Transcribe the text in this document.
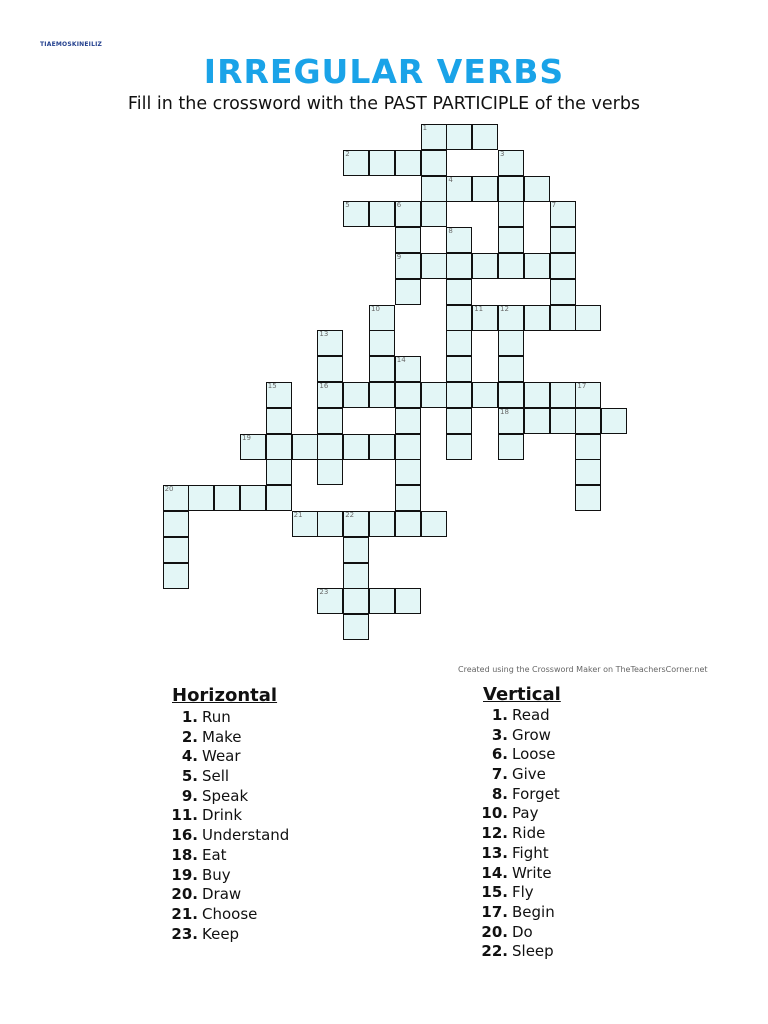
TIAEMOSKINEILIZ
IRREGULAR VERBS
Fill in the crossword with the PAST PARTICIPLE of the verbs
1
2
4
5	6
9
11 12
16
18
19
20
21	22
23
3
7
8
10
13
14
15	17
Created using the Crossword Maker on TheTeachersCorner.net
Horizontal
1. Run
2. Make
4. Wear
5. Sell
9. Speak
11. Drink
16. Understand
18. Eat
19. Buy
20. Draw
21. Choose
23. Keep
Vertical
1. Read
3. Grow
6. Loose
7. Give
8. Forget
10. Pay
12. Ride
13. Fight
14. Write
15. Fly
17. Begin
20. Do
22. Sleep
